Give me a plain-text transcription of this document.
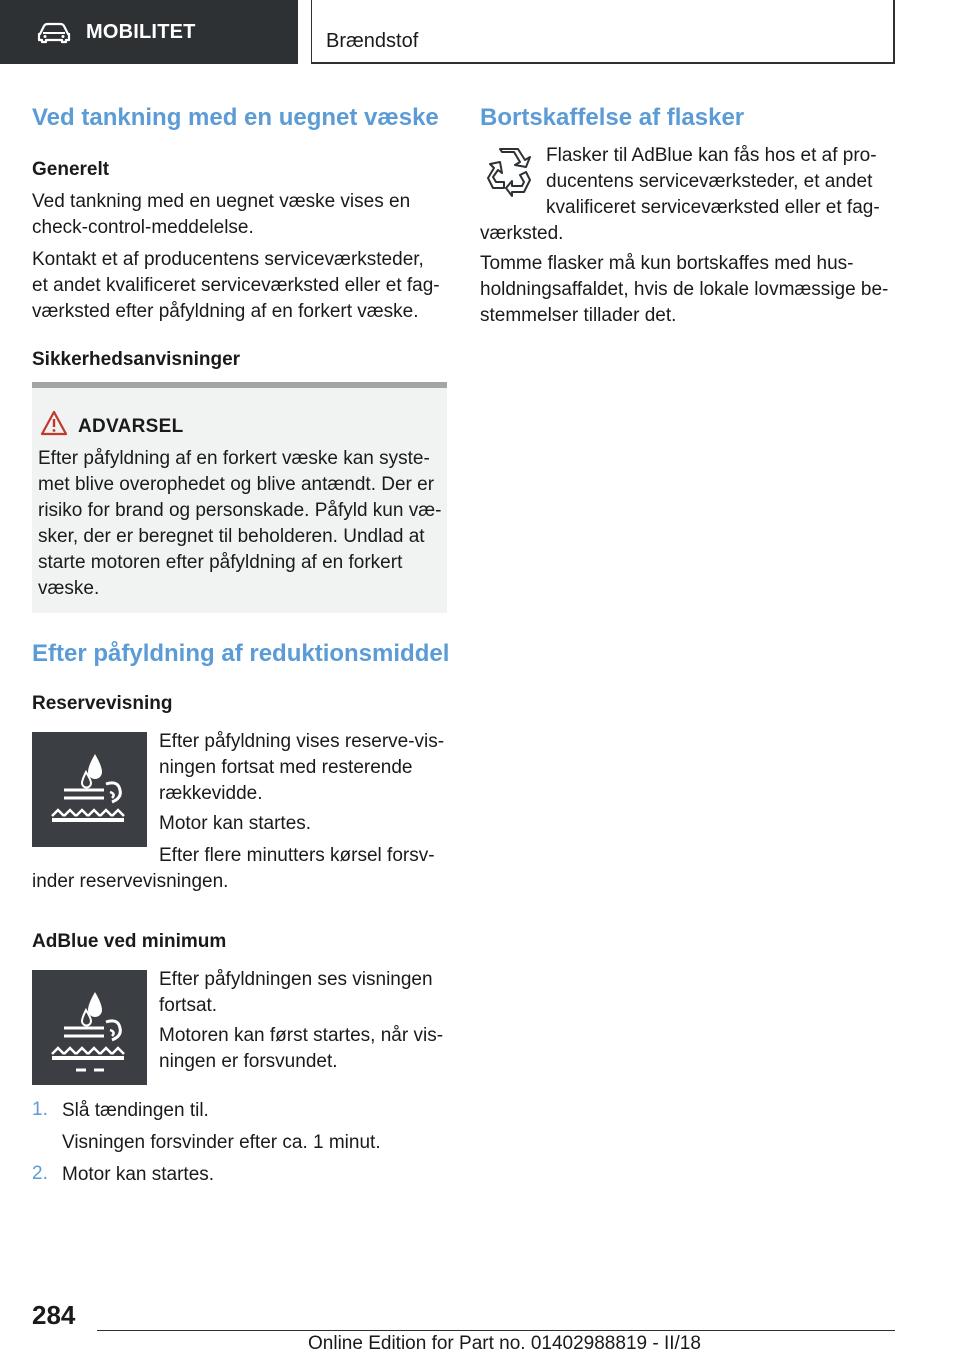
MOBILITET	Brændstof
Ved tankning med en uegnet væske
Generelt

Ved tankning med en uegnet væske vises en check-control-meddelelse.

Kontakt et af producentens serviceværksteder, et andet kvalificeret serviceværksted eller et fag-værksted efter påfyldning af en forkert væske.

Sikkerhedsanvisninger
ADVARSEL
Efter påfyldning af en forkert væske kan syste-met blive overophedet og blive antændt. Der er risiko for brand og personskade. Påfyld kun væ-sker, der er beregnet til beholderen. Undlad at starte motoren efter påfyldning af en forkert væske.
Efter påfyldning af reduktionsmiddel
Reservevisning

Efter påfyldning vises reserve-vis-ningen fortsat med resterende rækkevidde.

Motor kan startes.

Efter flere minutters kørsel forsv-

inder reservevisningen.

AdBlue ved minimum

Efter påfyldningen ses visningen fortsat.

Motoren kan først startes, når vis-ningen er forsvundet.

1. Slå tændingen til.

Visningen forsvinder efter ca. 1 minut.

2. Motor kan startes.

Bortskaffelse af flasker

Flasker til AdBlue kan fås hos et af pro-ducentens serviceværksteder, et andet kvalificeret serviceværksted eller et fag-

værksted.

Tomme flasker må kun bortskaffes med hus-holdningsaffaldet, hvis de lokale lovmæssige be-stemmelser tillader det.

284
Online Edition for Part no. 01402988819 - II/18
